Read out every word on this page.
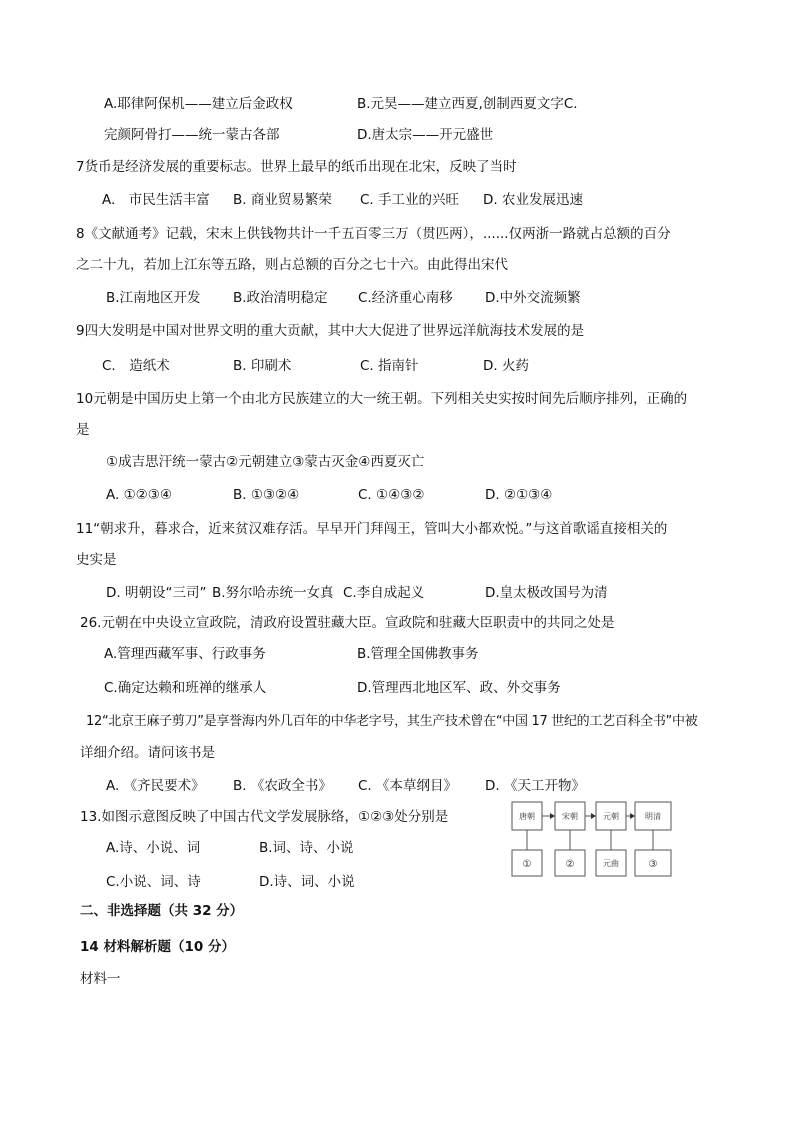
A.耶律阿保机——建立后金政权	B.元昊——建立西夏,创制西夏文字C.
完颜阿骨打——统一蒙古各部	D.唐太宗——开元盛世
7货币是经济发展的重要标志。世界上最早的纸币出现在北宋，反映了当时
A.　市民生活丰富 B. 商业贸易繁荣 C. 手工业的兴旺 D. 农业发展迅速
8《文献通考》记载，宋末上供钱物共计一千五百零三万（贯匹两），......仅两浙一路就占总额的百分
之二十九，若加上江东等五路，则占总额的百分之七十六。由此得出宋代
B.江南地区开发 B.政治清明稳定 C.经济重心南移 D.中外交流频繁
9四大发明是中国对世界文明的重大贡献，其中大大促进了世界远洋航海技术发展的是
C.　造纸术	B. 印刷术	C. 指南针	D. 火药
10元朝是中国历史上第一个由北方民族建立的大一统王朝。下列相关史实按时间先后顺序排列，正确的
是
①成吉思汗统一蒙古②元朝建立③蒙古灭金④西夏灭亡
A. ①②③④	B. ①③②④	C. ①④③②	D. ②①③④
11“朝求升，暮求合，近来贫汉难存活。早早开门拜闯王，管叫大小都欢悦。”与这首歌谣直接相关的
史实是
D. 明朝设“三司” B.努尔哈赤统一女真 C.李自成起义	D.皇太极改国号为清
26.元朝在中央设立宣政院，清政府设置驻藏大臣。宣政院和驻藏大臣职责中的共同之处是
A.管理西藏军事、行政事务	B.管理全国佛教事务
C.确定达赖和班禅的继承人	D.管理西北地区军、政、外交事务
12“北京王麻子剪刀”是享誉海内外几百年的中华老字号，其生产技术曾在“中国 17 世纪的工艺百科全书”中被
详细介绍。请问该书是
A. 《齐民要术》 B. 《农政全书》 C. 《本草纲目》 D. 《天工开物》
13.如图示意图反映了中国古代文学发展脉络，①②③处分别是
A.诗、小说、词	B.词、诗、小说
C.小说、词、诗	D.诗、词、小说
唐朝	宋朝	元朝	明清
①	②	元曲	③
二、非选择题（共 32 分）
14 材料解析题（10 分）
材料一
